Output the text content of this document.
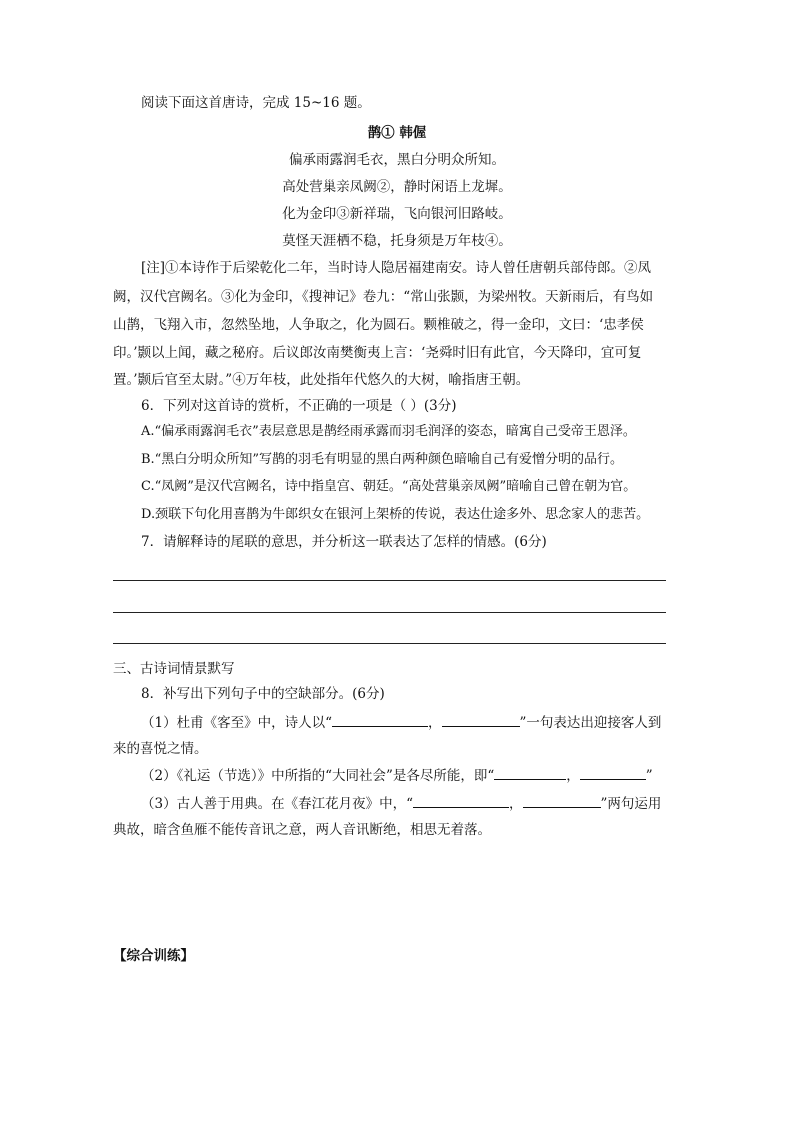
阅读下面这首唐诗，完成 15~16 题。
鹊① 韩偓
偏承雨露润毛衣，黑白分明众所知。
高处营巢亲凤阙②，静时闲语上龙墀。
化为金印③新祥瑞，飞向银河旧路岐。
莫怪天涯栖不稳，托身须是万年枝④。
[注]①本诗作于后梁乾化二年，当时诗人隐居福建南安。诗人曾任唐朝兵部侍郎。②凤
阙，汉代宫阙名。③化为金印，《搜神记》卷九：“常山张颢，为梁州牧。天新雨后，有鸟如
山鹊，飞翔入市，忽然坠地，人争取之，化为圆石。颗椎破之，得一金印，文曰：‘忠孝侯
印。’颢以上闻，藏之秘府。后议郎汝南樊衡夷上言：‘尧舜时旧有此官，今天降印，宜可复
置。’颢后官至太尉。”④万年枝，此处指年代悠久的大树，喻指唐王朝。
6．下列对这首诗的赏析，不正确的一项是（ ）(3分)
A.“偏承雨露润毛衣”表层意思是鹊经雨承露而羽毛润泽的姿态，暗寓自己受帝王恩泽。
B.“黑白分明众所知”写鹊的羽毛有明显的黑白两种颜色暗喻自己有爱憎分明的品行。
C.“凤阙”是汉代宫阙名，诗中指皇宫、朝廷。“高处营巢亲凤阙”暗喻自己曾在朝为官。
D.颈联下句化用喜鹊为牛郎织女在银河上架桥的传说，表达仕途多外、思念家人的悲苦。
7．请解释诗的尾联的意思，并分析这一联表达了怎样的情感。(6分)
三、古诗词情景默写
8．补写出下列句子中的空缺部分。(6分)
（1）杜甫《客至》中，诗人以“	，	”一句表达出迎接客人到
来的喜悦之情。
（2）《礼运（节选）》中所指的“大同社会”是各尽所能，即“	，	”
（3）古人善于用典。在《春江花月夜》中，“	，	”两句运用
典故，暗含鱼雁不能传音讯之意，两人音讯断绝，相思无着落。
【综合训练】
